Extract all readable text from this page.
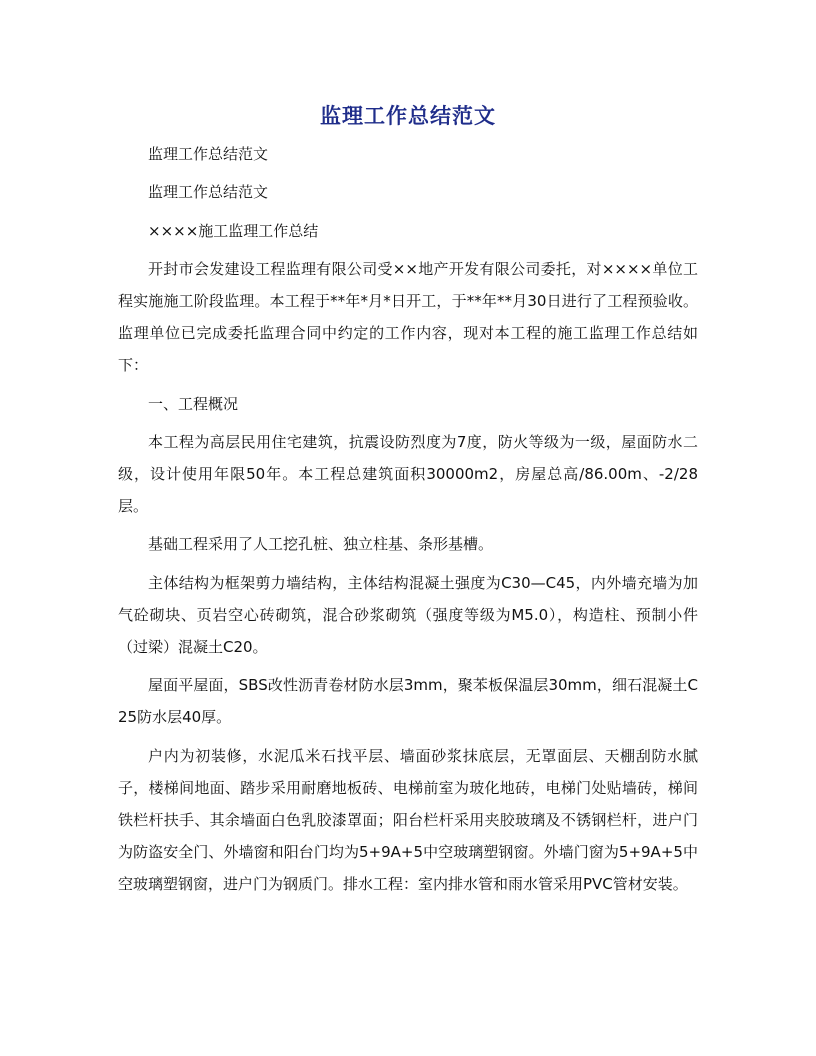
监理工作总结范文

监理工作总结范文

监理工作总结范文

××××施工监理工作总结

开封市会发建设工程监理有限公司受××地产开发有限公司委托，对××××单位工程实施施工阶段监理。本工程于**年*月*日开工，于**年**月30日进行了工程预验收。监理单位已完成委托监理合同中约定的工作内容，现对本工程的施工监理工作总结如下：

一、工程概况

本工程为高层民用住宅建筑，抗震设防烈度为7度，防火等级为一级，屋面防水二级，设计使用年限50年。本工程总建筑面积30000m2，房屋总高/86.00m、-2/28层。

基础工程采用了人工挖孔桩、独立柱基、条形基槽。

主体结构为框架剪力墙结构，主体结构混凝土强度为C30—C45，内外墙充墙为加气砼砌块、页岩空心砖砌筑，混合砂浆砌筑（强度等级为M5.0），构造柱、预制小件（过梁）混凝土C20。

屋面平屋面，SBS改性沥青卷材防水层3mm，聚苯板保温层30mm，细石混凝土C25防水层40厚。

户内为初装修，水泥瓜米石找平层、墙面砂浆抹底层，无罩面层、天棚刮防水腻子，楼梯间地面、踏步采用耐磨地板砖、电梯前室为玻化地砖，电梯门处贴墙砖，梯间铁栏杆扶手、其余墙面白色乳胶漆罩面；阳台栏杆采用夹胶玻璃及不锈钢栏杆，进户门为防盗安全门、外墙窗和阳台门均为5+9A+5中空玻璃塑钢窗。外墙门窗为5+9A+5中空玻璃塑钢窗，进户门为钢质门。排水工程：室内排水管和雨水管采用PVC管材安装。
